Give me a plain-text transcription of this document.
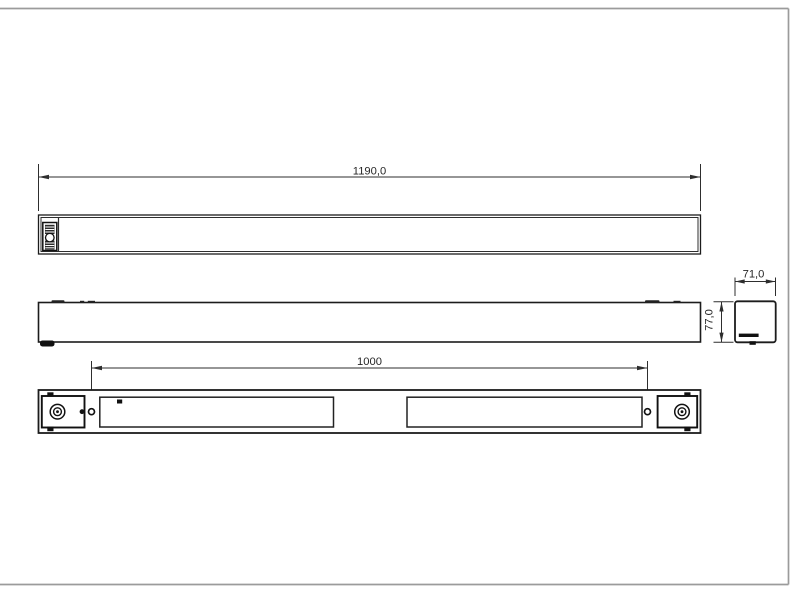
1190,0
77,0
71,0
1000
